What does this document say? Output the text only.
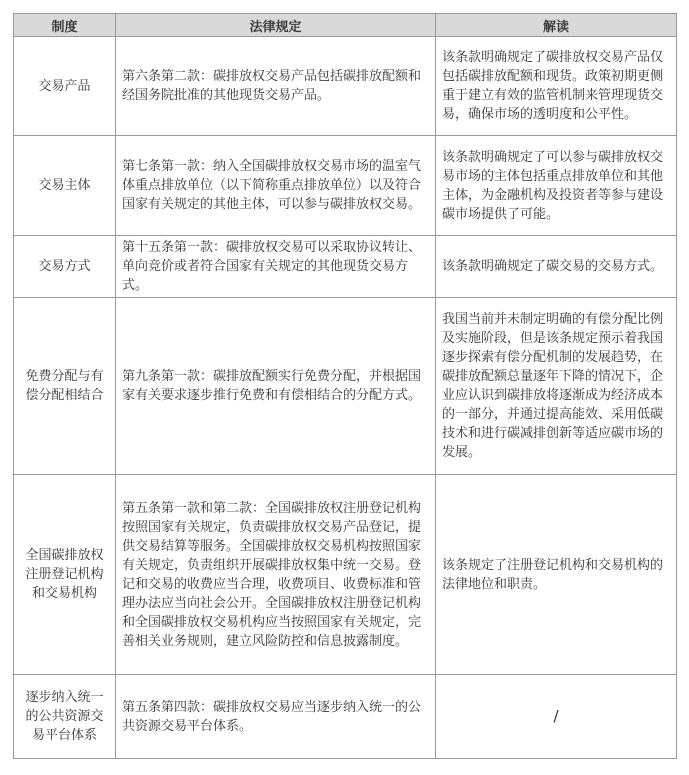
制度	法律规定	解读
交易产品	第六条第二款：碳排放权交易产品包括碳排放配额和经国务院批准的其他现货交易产品。	该条款明确规定了碳排放权交易产品仅包括碳排放配额和现货。政策初期更侧重于建立有效的监管机制来管理现货交易，确保市场的透明度和公平性。
交易主体	第七条第一款：纳入全国碳排放权交易市场的温室气体重点排放单位（以下简称重点排放单位）以及符合国家有关规定的其他主体，可以参与碳排放权交易。	该条款明确规定了可以参与碳排放权交易市场的主体包括重点排放单位和其他主体，为金融机构及投资者等参与建设碳市场提供了可能。
交易方式	第十五条第一款：碳排放权交易可以采取协议转让、单向竞价或者符合国家有关规定的其他现货交易方式。	该条款明确规定了碳交易的交易方式。
免费分配与有偿分配相结合	第九条第一款：碳排放配额实行免费分配，并根据国家有关要求逐步推行免费和有偿相结合的分配方式。	我国当前并未制定明确的有偿分配比例及实施阶段，但是该条规定预示着我国逐步探索有偿分配机制的发展趋势，在碳排放配额总量逐年下降的情况下，企业应认识到碳排放将逐渐成为经济成本的一部分，并通过提高能效、采用低碳技术和进行碳减排创新等适应碳市场的发展。
全国碳排放权注册登记机构和交易机构	第五条第一款和第二款：全国碳排放权注册登记机构按照国家有关规定，负责碳排放权交易产品登记，提供交易结算等服务。全国碳排放权交易机构按照国家有关规定，负责组织开展碳排放权集中统一交易。登记和交易的收费应当合理，收费项目、收费标准和管理办法应当向社会公开。全国碳排放权注册登记机构和全国碳排放权交易机构应当按照国家有关规定，完善相关业务规则，建立风险防控和信息披露制度。	该条规定了注册登记机构和交易机构的法律地位和职责。
逐步纳入统一的公共资源交易平台体系	第五条第四款：碳排放权交易应当逐步纳入统一的公共资源交易平台体系。	/
